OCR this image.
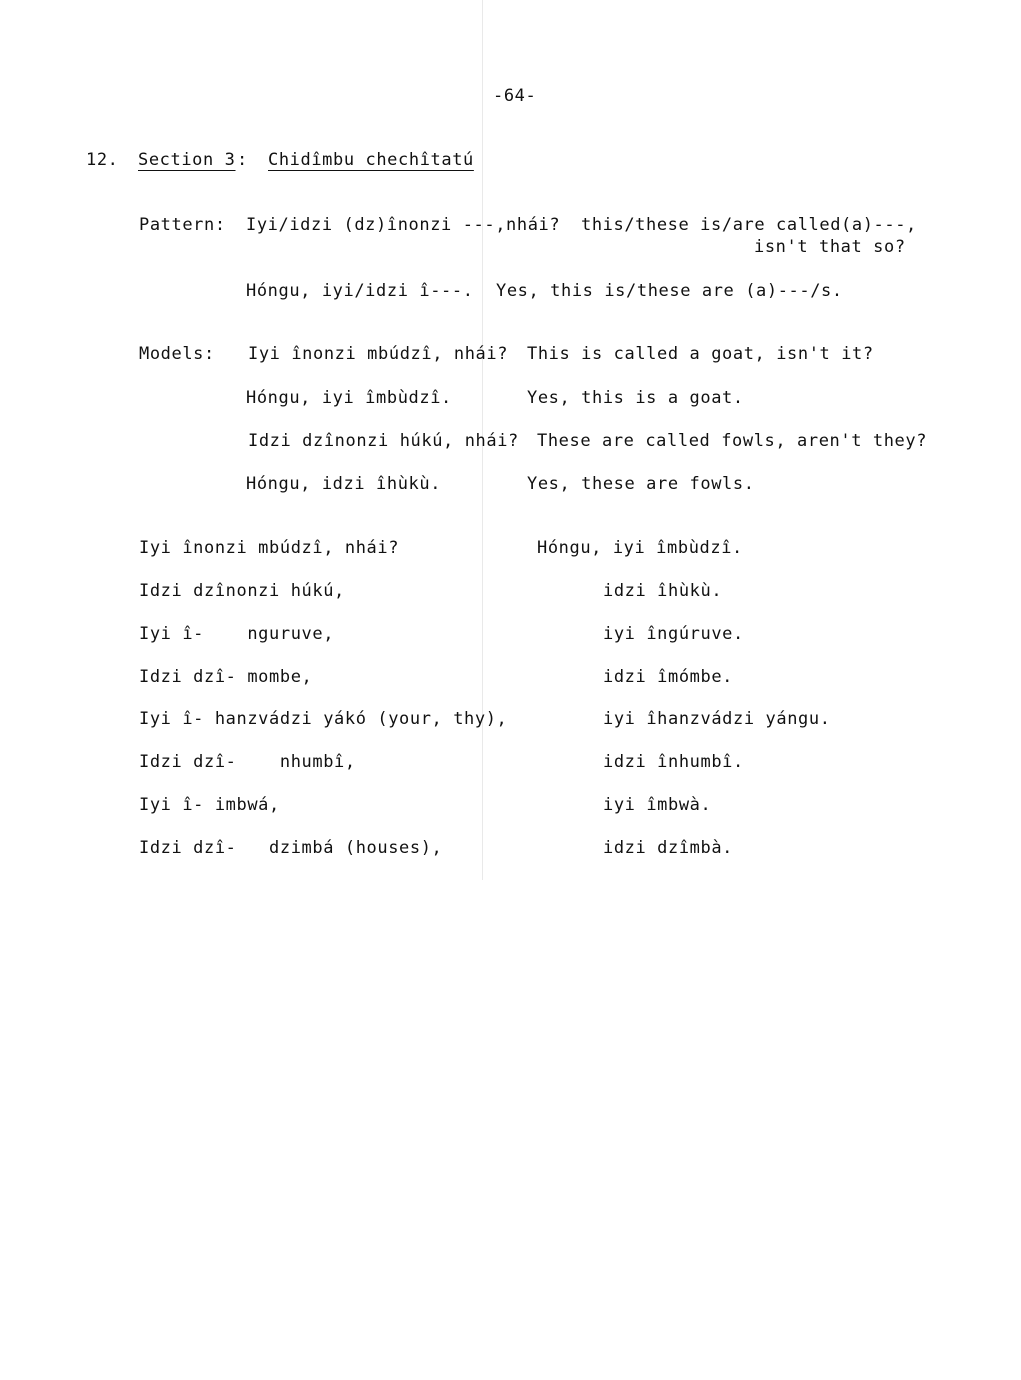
-64-
12. Section 3 : Chidîmbu chechîtatú
Pattern: Iyi/idzi (dz)înonzi ---,nhái? this/these is/are called(a)---,
isn't that so?
Hóngu, iyi/idzi î---. Yes, this is/these are (a)---/s.
Models: Iyi înonzi mbúdzî, nhái? This is called a goat, isn't it?
Hóngu, iyi îmbùdzî.	Yes, this is a goat.
Idzi dzînonzi húkú, nhái? These are called fowls, aren't they?
Hóngu, idzi îhùkù.	Yes, these are fowls.
Iyi înonzi mbúdzî, nhái?	Hóngu, iyi îmbùdzî.
Idzi dzînonzi húkú,	idzi îhùkù.
Iyi î-    nguruve,	iyi îngúruve.
Idzi dzî- mombe,	idzi îmómbe.
Iyi î- hanzvádzi yákó (your, thy),	iyi îhanzvádzi yángu.
Idzi dzî-    nhumbî,	idzi înhumbî.
Iyi î- imbwá,	iyi îmbwà.
Idzi dzî-   dzimbá (houses),	idzi dzîmbà.
